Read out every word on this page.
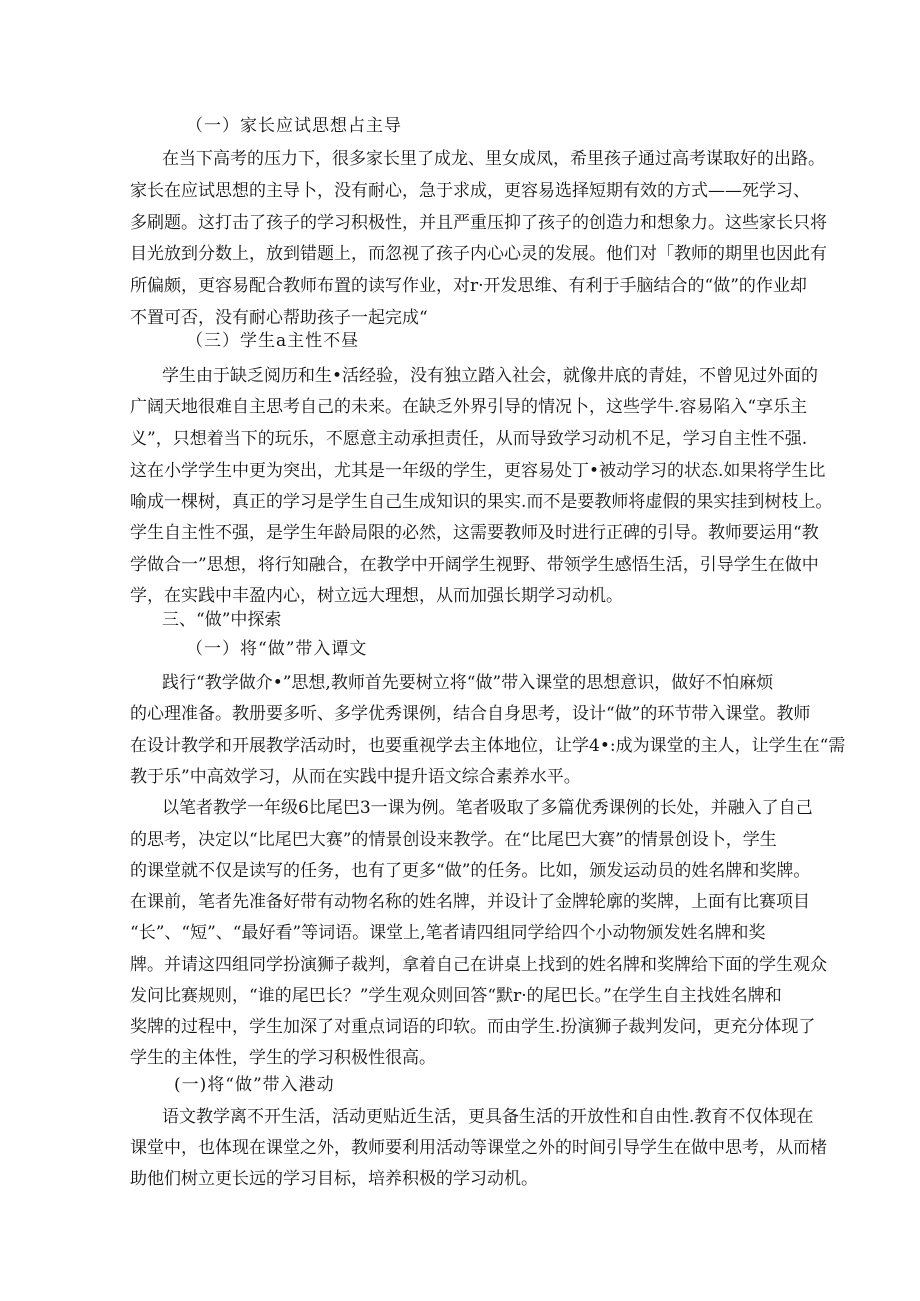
（一）家长应试思想占主导
在当下高考的压力下，很多家长里了成龙、里女成凤，希里孩子通过高考谋取好的出路。
家长在应试思想的主导卜，没有耐心，急于求成，更容易选择短期有效的方式——死学习、
多刷题。这打击了孩子的学习积极性，并且严重压抑了孩子的创造力和想象力。这些家长只将
目光放到分数上，放到错题上，而忽视了孩子内心心灵的发展。他们对「教师的期里也因此有
所偏颇，更容易配合教师布置的读写作业，对r·开发思维、有利于手脑结合的“做”的作业却
不置可否，没有耐心帮助孩子一起完成“
（三）学生a主性不昼
学生由于缺乏阅历和生•活经验，没有独立踏入社会，就像井底的青娃，不曾见过外面的
广阔天地很难自主思考自己的未来。在缺乏外界引导的情况卜，这些学牛.容易陷入“享乐主
义”，只想着当下的玩乐，不愿意主动承担责任，从而导致学习动机不足，学习自主性不强.
这在小学学生中更为突出，尤其是一年级的学生，更容易处丁•被动学习的状态.如果将学生比
喻成一棵树，真正的学习是学生自己生成知识的果实.而不是要教师将虚假的果实挂到树枝上。
学生自主性不强，是学生年龄局限的必然，这需要教师及时进行正碑的引导。教师要运用“教
学做合一”思想，将行知融合，在教学中开阔学生视野、带领学生感悟生活，引导学生在做中
学，在实践中丰盈内心，树立远大理想，从而加强长期学习动机。
三、“做”中探索
（一）将“做”带入谭文
践行“教学做介•”思想,教师首先要树立将“做”带入课堂的思想意识，做好不怕麻烦
的心理准备。教册要多听、多学优秀课例，结合自身思考，设计“做”的环节带入课堂。教师
在设计教学和开展教学活动时，也要重视学去主体地位，让学4•:成为课堂的主人，让学生在“需
教于乐”中高效学习，从而在实践中提升语文综合素养水平。
以笔者教学一年级6比尾巴3一课为例。笔者吸取了多篇优秀课例的长处，并融入了自己
的思考，决定以“比尾巴大赛”的情景创设来教学。在“比尾巴大赛”的情景创设卜，学生
的课堂就不仅是读写的任务，也有了更多“做”的任务。比如，颁发运动员的姓名牌和奖牌。
在课前，笔者先准备好带有动物名称的姓名牌，并设计了金牌轮廓的奖牌，上面有比赛项目
“长”、“短”、“最好看”等词语。课堂上,笔者请四组同学给四个小动物颁发姓名牌和奖
牌。并请这四组同学扮演狮子裁判，拿着自己在讲桌上找到的姓名牌和奖牌给下面的学生观众
发问比赛规则，“谁的尾巴长？”学生观众则回答“默r·的尾巴长。”在学生自主找姓名牌和
奖牌的过程中，学生加深了对重点词语的印软。而由学生.扮演狮子裁判发问，更充分体现了
学生的主体性，学生的学习积极性很高。
(一)将“做”带入港动
语文教学离不开生活，活动更贴近生活，更具备生活的开放性和自由性.教育不仅体现在
课堂中，也体现在课堂之外，教师要利用活动等课堂之外的时间引导学生在做中思考，从而楮
助他们树立更长远的学习目标，培养积极的学习动机。
